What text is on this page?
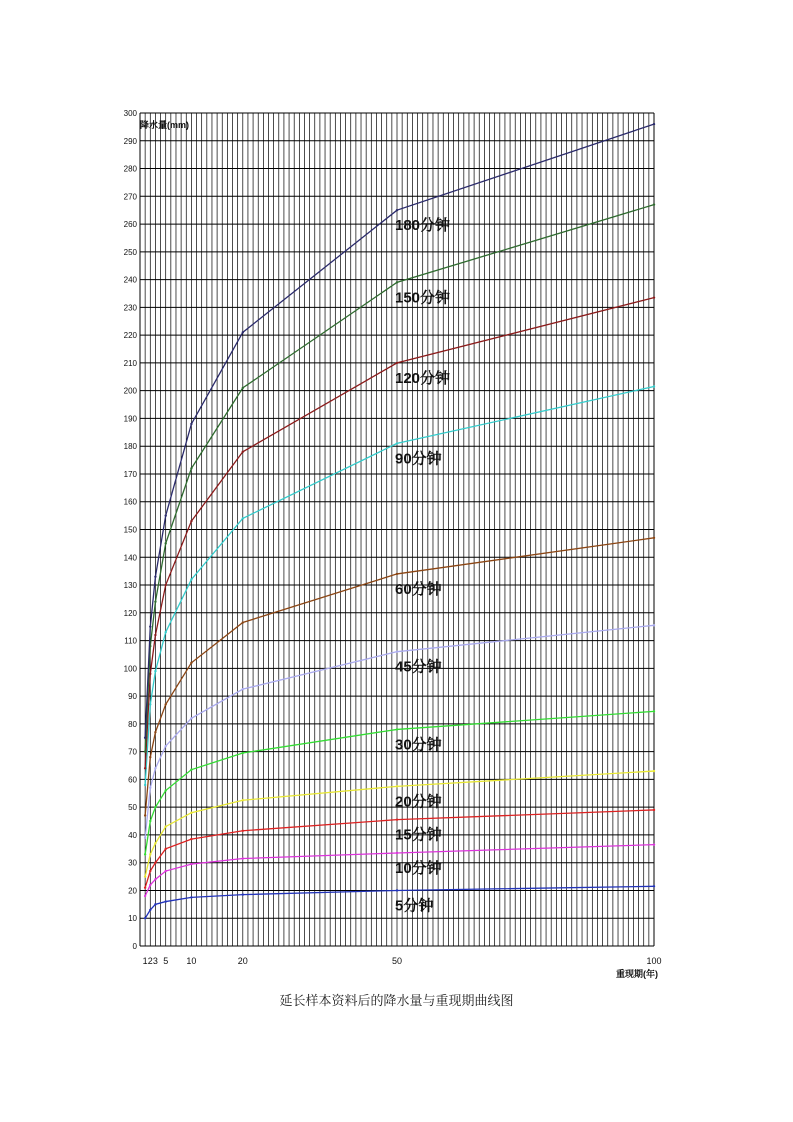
5分钟
10分钟
15分钟
20分钟
30分钟
45分钟
60分钟
90分钟
120分钟
150分钟
180分钟
0
10
20
30
40
50
60
70
80
90
100
110
120
130
140
150
160
170
180
190
200
210
220
230
240
250
260
270
280
290
300
1 2 3 5 10	20	50	100
降水量(mm)
重现期(年)
延长样本资料后的降水量与重现期曲线图
